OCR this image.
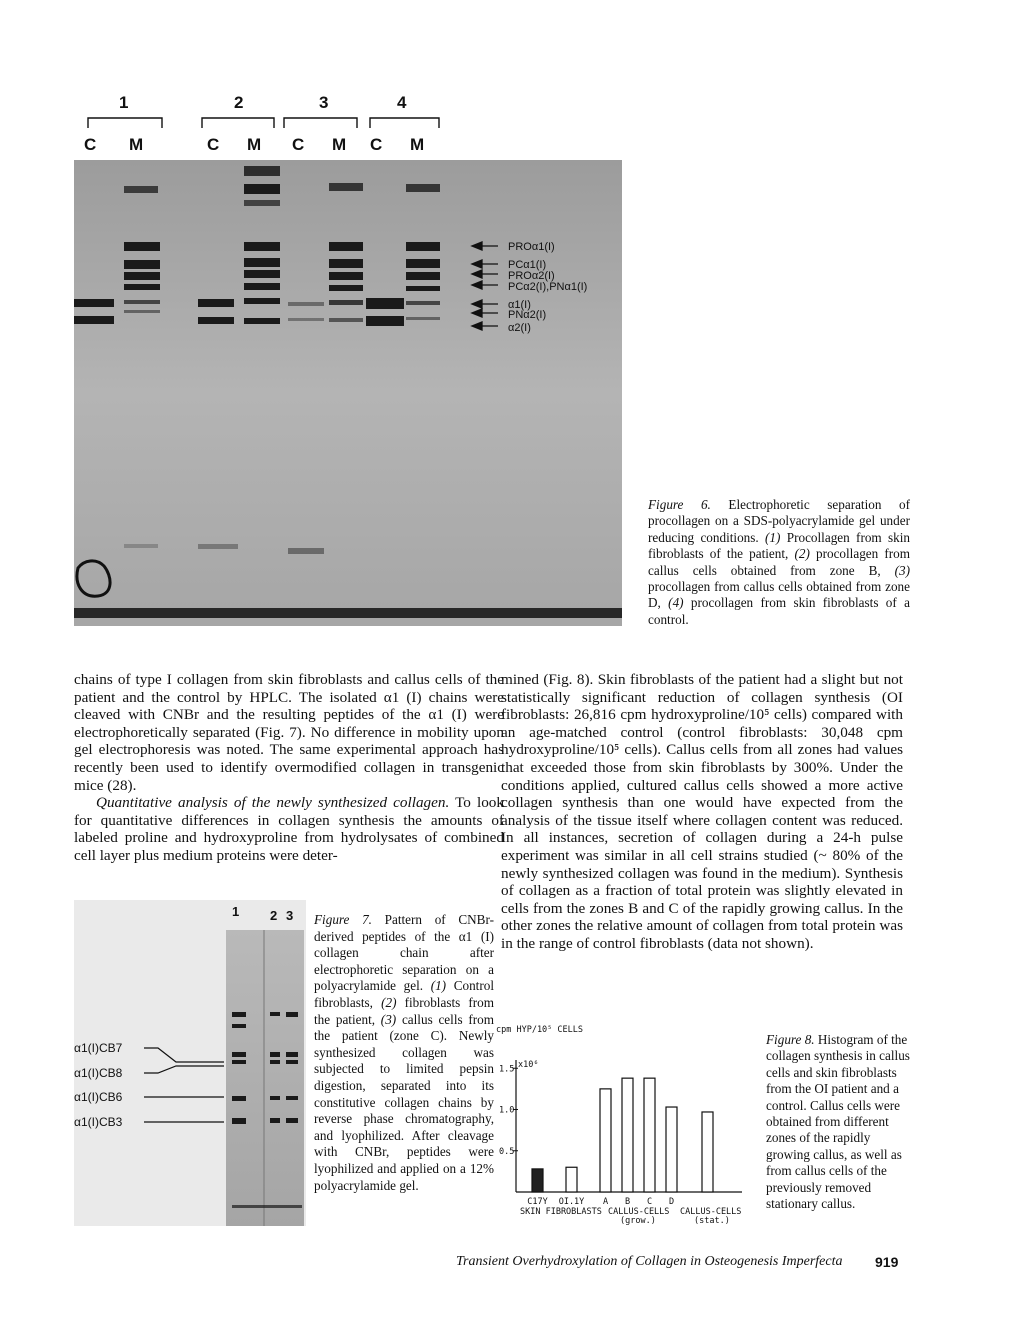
1	2	3	4
C M	C M C M C M
PROα1(I)
PCα1(I)
PROα2(I)
PCα2(I),PNα1(I)
α1(I)
PNα2(I)
α2(I)
Figure 6. Electrophoretic separation of procollagen on a SDS-polyacrylamide gel under reducing conditions. (1) Procollagen from skin fibroblasts of the patient, (2) procollagen from callus cells obtained from zone B, (3) procollagen from callus cells obtained from zone D, (4) procollagen from skin fibroblasts of a control.

chains of type I collagen from skin fibroblasts and callus cells of the patient and the control by HPLC. The isolated α1 (I) chains were cleaved with CNBr and the resulting peptides of the α1 (I) were electrophoretically separated (Fig. 7). No difference in mobility upon gel electrophoresis was noted. The same experimental approach has recently been used to identify overmodified collagen in transgenic mice (28).

Quantitative analysis of the newly synthesized collagen. To look for quantitative differences in collagen synthesis the amounts of labeled proline and hydroxyproline from hydrolysates of combined cell layer plus medium proteins were deter-

mined (Fig. 8). Skin fibroblasts of the patient had a slight but not statistically significant reduction of collagen synthesis (OI fibroblasts: 26,816 cpm hydroxyproline/10⁵ cells) compared with an age-matched control (control fibroblasts: 30,048 cpm hydroxyproline/10⁵ cells). Callus cells from all zones had values that exceeded those from skin fibroblasts by 300%. Under the conditions applied, cultured callus cells showed a more active collagen synthesis than one would have expected from the analysis of the tissue itself where collagen content was reduced. In all instances, secretion of collagen during a 24-h pulse experiment was similar in all cell strains studied (~ 80% of the newly synthesized collagen was found in the medium). Synthesis of collagen as a fraction of total protein was slightly elevated in cells from the zones B and C of the rapidly growing callus. In the other zones the relative amount of collagen from total protein was in the range of control fibroblasts (data not shown).

1 2 3
α1(I)CB7
α1(I)CB8
α1(I)CB6
α1(I)CB3
Figure 7. Pattern of CNBr-derived peptides of the α1 (I) collagen chain after electrophoretic separation on a polyacrylamide gel. (1) Control fibroblasts, (2) fibroblasts from the patient, (3) callus cells from the patient (zone C). Newly synthesized collagen was subjected to limited pepsin digestion, separated into its constitutive collagen chains by reverse phase chromatography, and lyophilized. After cleavage with CNBr, peptides were lyophilized and applied on a 12% polyacrylamide gel.
cpm HYP/10⁵ CELLS
x10⁶
0.5
1.0
1.5
C17Y OI.1Y A B C D
SKIN FIBROBLASTS CALLUS-CELLS
(grow.)
CALLUS-CELLS
(stat.)
Figure 8. Histogram of the collagen synthesis in callus cells and skin fibroblasts from the OI patient and a control. Callus cells were obtained from different zones of the rapidly growing callus, as well as from callus cells of the previously removed stationary callus.
Transient Overhydroxylation of Collagen in Osteogenesis Imperfecta 919
